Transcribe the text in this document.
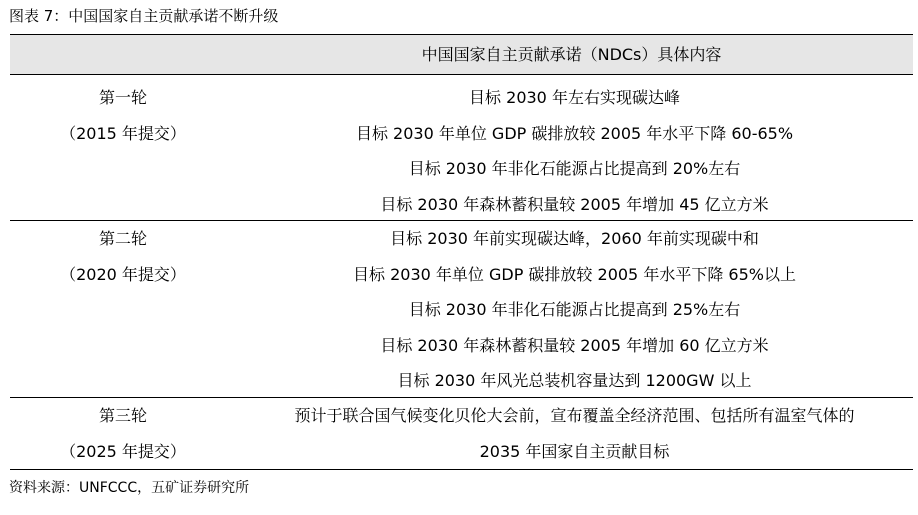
图表 7：中国国家自主贡献承诺不断升级
中国国家自主贡献承诺（NDCs）具体内容
第一轮
（2015 年提交）
目标 2030 年左右实现碳达峰
目标 2030 年单位 GDP 碳排放较 2005 年水平下降 60-65%
目标 2030 年非化石能源占比提高到 20%左右
目标 2030 年森林蓄积量较 2005 年增加 45 亿立方米
第二轮
（2020 年提交）
目标 2030 年前实现碳达峰，2060 年前实现碳中和
目标 2030 年单位 GDP 碳排放较 2005 年水平下降 65%以上
目标 2030 年非化石能源占比提高到 25%左右
目标 2030 年森林蓄积量较 2005 年增加 60 亿立方米
目标 2030 年风光总装机容量达到 1200GW 以上
第三轮
（2025 年提交）
预计于联合国气候变化贝伦大会前，宣布覆盖全经济范围、包括所有温室气体的
2035 年国家自主贡献目标
资料来源：UNFCCC，五矿证券研究所
